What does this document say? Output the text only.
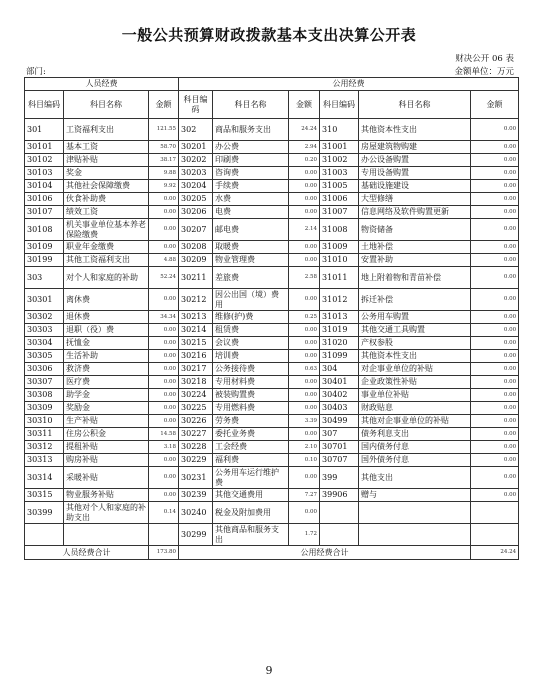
一般公共预算财政拨款基本支出决算公开表
财决公开 06 表
部门:	金额单位：万元
人员经费			公用经费					
科目编码	科目名称	金额	科目编码	科目名称	金额	科目编码	科目名称	金额
301	工资福利支出	121.55	302	商品和服务支出	24.24	310	其他资本性支出	0.00
30101	基本工资	58.70	30201	办公费	2.94	31001	房屋建筑物购建	0.00
30102	津贴补贴	38.17	30202	印刷费	0.20	31002	办公设备购置	0.00
30103	奖金	9.88	30203	咨询费	0.00	31003	专用设备购置	0.00
30104	其他社会保障缴费	9.92	30204	手续费	0.00	31005	基础设施建设	0.00
30106	伙食补助费	0.00	30205	水费	0.00	31006	大型修缮	0.00
30107	绩效工资	0.00	30206	电费	0.00	31007	信息网络及软件购置更新	0.00
30108	机关事业单位基本养老保险缴费	0.00	30207	邮电费	2.14	31008	物资储备	0.00
30109	职业年金缴费	0.00	30208	取暖费	0.00	31009	土地补偿	0.00
30199	其他工资福利支出	4.88	30209	物业管理费	0.00	31010	安置补助	0.00
303	对个人和家庭的补助	52.24	30211	差旅费	2.58	31011	地上附着物和青苗补偿	0.00
30301	离休费	0.00	30212	因公出国（境）费用	0.00	31012	拆迁补偿	0.00
30302	退休费	34.34	30213	维修(护)费	0.25	31013	公务用车购置	0.00
30303	退职（役）费	0.00	30214	租赁费	0.00	31019	其他交通工具购置	0.00
30304	抚恤金	0.00	30215	会议费	0.00	31020	产权参股	0.00
30305	生活补助	0.00	30216	培训费	0.00	31099	其他资本性支出	0.00
30306	救济费	0.00	30217	公务接待费	0.63	304	对企事业单位的补贴	0.00
30307	医疗费	0.00	30218	专用材料费	0.00	30401	企业政策性补贴	0.00
30308	助学金	0.00	30224	被装购置费	0.00	30402	事业单位补贴	0.00
30309	奖励金	0.00	30225	专用燃料费	0.00	30403	财政贴息	0.00
30310	生产补贴	0.00	30226	劳务费	3.39	30499	其他对企事业单位的补贴	0.00
30311	住房公积金	14.58	30227	委托业务费	0.00	307	债务利息支出	0.00
30312	提租补贴	3.18	30228	工会经费	2.10	30701	国内债务付息	0.00
30313	购房补贴	0.00	30229	福利费	0.10	30707	国外债务付息	0.00
30314	采暖补贴	0.00	30231	公务用车运行维护费	0.00	399	其他支出	0.00
30315	物业服务补贴	0.00	30239	其他交通费用	7.27	39906	赠与	0.00
30399	其他对个人和家庭的补助支出	0.14	30240	税金及附加费用	0.00			
			30299	其他商品和服务支出	1.72			
人员经费合计		173.80	公用经费合计					24.24
9
